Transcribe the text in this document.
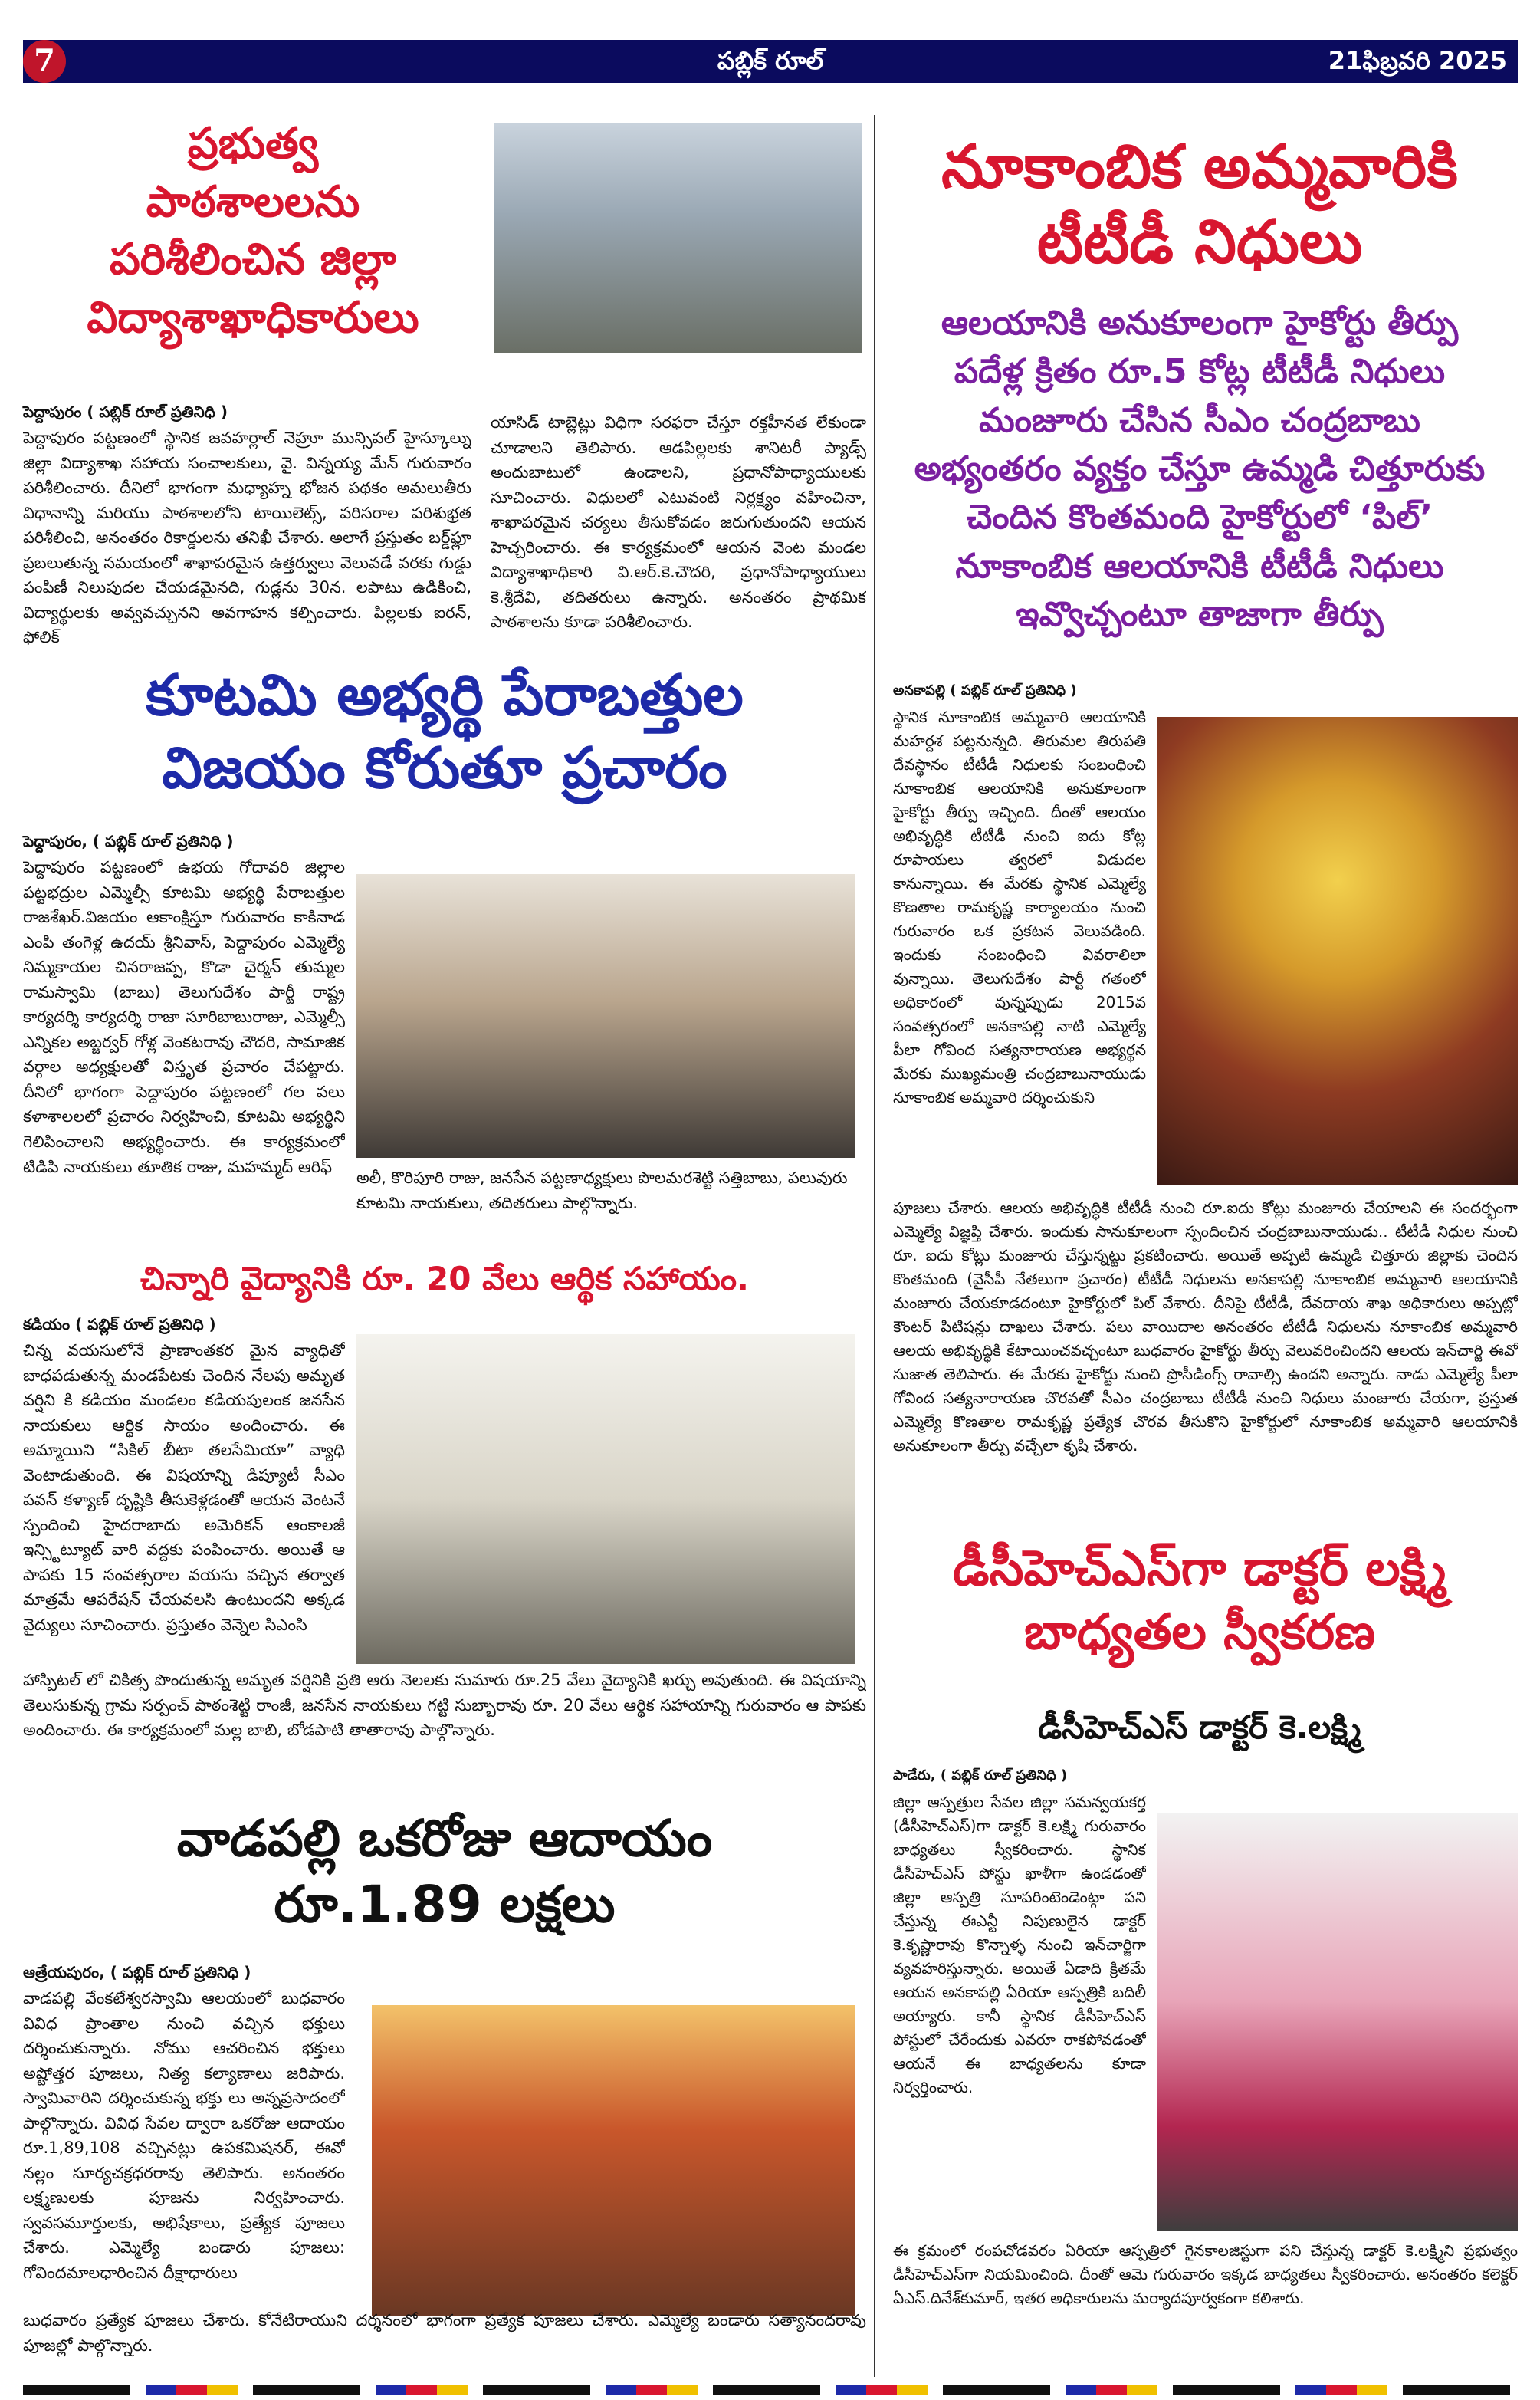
7	పబ్లిక్ రూల్	21ఫిబ్రవరి 2025
ప్రభుత్వ
పాఠశాలలను
పరిశీలించిన జిల్లా
విద్యాశాఖాధికారులు
పెద్దాపురం ( పబ్లిక్ రూల్ ప్రతినిధి )
పెద్దాపురం పట్టణంలో స్థానిక జవహర్లాల్ నెహ్రూ మున్సిపల్ హైస్కూల్ను జిల్లా విద్యాశాఖ సహాయ సంచాలకులు, వై. విన్నయ్య మేన్ గురువారం పరిశీలించారు. దీనిలో భాగంగా మధ్యాహ్న భోజన పథకం అమలుతీరు విధానాన్ని మరియు పాఠశాలలోని టాయిలెట్స్, పరిసరాల పరిశుభ్రత పరిశీలించి, అనంతరం రికార్డులను తనిఖీ చేశారు. అలాగే ప్రస్తుతం బర్డ్‌ఫ్లూ ప్రబలుతున్న సమయంలో శాఖాపరమైన ఉత్తర్వులు వెలువడే వరకు గుడ్డు పంపిణీ నిలుపుదల చేయడమైనది, గుడ్లను 30న. లపాటు ఉడికించి, విద్యార్థులకు అవ్వవచ్చునని అవగాహన కల్పించారు. పిల్లలకు ఐరన్, ఫోలిక్
యాసిడ్ టాబ్లెట్లు విధిగా సరఫరా చేస్తూ రక్తహీనత లేకుండా చూడాలని తెలిపారు. ఆడపిల్లలకు శానిటరీ ప్యాడ్స్ అందుబాటులో ఉండాలని, ప్రధానోపాధ్యాయులకు సూచించారు. విధులలో ఎటువంటి నిర్లక్ష్యం వహించినా, శాఖాపరమైన చర్యలు తీసుకోవడం జరుగుతుందని ఆయన హెచ్చరించారు. ఈ కార్యక్రమంలో ఆయన వెంట మండల విద్యాశాఖాధికారి వి.ఆర్.కె.చౌదరి, ప్రధానోపాధ్యాయులు కె.శ్రీదేవి, తదితరులు ఉన్నారు. అనంతరం ప్రాథమిక పాఠశాలను కూడా పరిశీలించారు.
నూకాంబిక అమ్మవారికి
టీటీడీ నిధులు
ఆలయానికి అనుకూలంగా హైకోర్టు తీర్పు
పదేళ్ల క్రితం రూ.5 కోట్ల టీటీడీ నిధులు
మంజూరు చేసిన సీఎం చంద్రబాబు
అభ్యంతరం వ్యక్తం చేస్తూ ఉమ్మడి చిత్తూరుకు
చెందిన కొంతమంది హైకోర్టులో ‘పిల్’
నూకాంబిక ఆలయానికి టీటీడీ నిధులు
ఇవ్వొచ్చంటూ తాజాగా తీర్పు
అనకాపల్లి ( పబ్లిక్ రూల్ ప్రతినిధి )
స్థానిక నూకాంబిక అమ్మవారి ఆలయానికి మహర్దశ పట్టనున్నది. తిరుమల తిరుపతి దేవస్థానం టీటీడీ నిధులకు సంబంధించి నూకాంబిక ఆలయానికి అనుకూలంగా హైకోర్టు తీర్పు ఇచ్చింది. దీంతో ఆలయం అభివృద్ధికి టీటీడీ నుంచి ఐదు కోట్ల రూపాయలు త్వరలో విడుదల కానున్నాయి. ఈ మేరకు స్థానిక ఎమ్మెల్యే కొణతాల రామకృష్ణ కార్యాలయం నుంచి గురువారం ఒక ప్రకటన వెలువడింది. ఇందుకు సంబంధించి వివరాలిలా వున్నాయి. తెలుగుదేశం పార్టీ గతంలో అధికారంలో వున్నప్పుడు 2015వ సంవత్సరంలో అనకాపల్లి నాటి ఎమ్మెల్యే పీలా గోవింద సత్యనారాయణ అభ్యర్థన మేరకు ముఖ్యమంత్రి చంద్రబాబునాయుడు నూకాంబిక అమ్మవారి దర్శించుకుని
పూజలు చేశారు. ఆలయ అభివృద్ధికి టీటీడీ నుంచి రూ.ఐదు కోట్లు మంజూరు చేయాలని ఈ సందర్భంగా ఎమ్మెల్యే విజ్ఞప్తి చేశారు. ఇందుకు సానుకూలంగా స్పందించిన చంద్రబాబునాయుడు.. టీటీడీ నిధుల నుంచి రూ. ఐదు కోట్లు మంజూరు చేస్తున్నట్టు ప్రకటించారు. అయితే అప్పటి ఉమ్మడి చిత్తూరు జిల్లాకు చెందిన కొంతమంది (వైసీపీ నేతలుగా ప్రచారం) టీటీడీ నిధులను అనకాపల్లి నూకాంబిక అమ్మవారి ఆలయానికి మంజూరు చేయకూడదంటూ హైకోర్టులో పిల్ వేశారు. దీనిపై టీటీడీ, దేవదాయ శాఖ అధికారులు అప్పట్లో కౌంటర్ పిటిషన్లు దాఖలు చేశారు. పలు వాయిదాల అనంతరం టీటీడీ నిధులను నూకాంబిక అమ్మవారి ఆలయ అభివృద్ధికి కేటాయించవచ్చంటూ బుధవారం హైకోర్టు తీర్పు వెలువరించిందని ఆలయ ఇన్‌చార్జి ఈవో సుజాత తెలిపారు. ఈ మేరకు హైకోర్టు నుంచి ప్రొసీడింగ్స్ రావాల్సి ఉందని అన్నారు. నాడు ఎమ్మెల్యే పీలా గోవింద సత్యనారాయణ చొరవతో సీఎం చంద్రబాబు టీటీడీ నుంచి నిధులు మంజూరు చేయగా, ప్రస్తుత ఎమ్మెల్యే కొణతాల రామకృష్ణ ప్రత్యేక చొరవ తీసుకొని హైకోర్టులో నూకాంబిక అమ్మవారి ఆలయానికి అనుకూలంగా తీర్పు వచ్చేలా కృషి చేశారు.
కూటమి అభ్యర్థి పేరాబత్తుల
విజయం కోరుతూ ప్రచారం
పెద్దాపురం, ( పబ్లిక్ రూల్ ప్రతినిధి )
పెద్దాపురం పట్టణంలో ఉభయ గోదావరి జిల్లాల పట్టభద్రుల ఎమ్మెల్సీ కూటమి అభ్యర్థి పేరాబత్తుల రాజశేఖర్.విజయం ఆకాంక్షిస్తూ గురువారం కాకినాడ ఎంపి తంగెళ్ల ఉదయ్ శ్రీనివాస్, పెద్దాపురం ఎమ్మెల్యే నిమ్మకాయల చినరాజప్ప, కొడా చైర్మన్ తుమ్మల రామస్వామి (బాబు) తెలుగుదేశం పార్టీ రాష్ట్ర కార్యదర్శి కార్యదర్శి రాజా సూరిబాబురాజు, ఎమ్మెల్సీ ఎన్నికల అబ్జర్వర్ గోళ్ల వెంకటరావు చౌదరి, సామాజిక వర్గాల అధ్యక్షులతో విస్తృత ప్రచారం చేపట్టారు. దీనిలో భాగంగా పెద్దాపురం పట్టణంలో గల పలు కళాశాలలలో ప్రచారం నిర్వహించి, కూటమి అభ్యర్థిని గెలిపించాలని అభ్యర్థించారు. ఈ కార్యక్రమంలో టిడిపి నాయకులు తూతిక రాజు, మహమ్మద్ ఆరిఫ్
అలీ, కొరిపూరి రాజు, జనసేన పట్టణాధ్యక్షులు పొలమరశెట్టి సత్తిబాబు, పలువురు కూటమి నాయకులు, తదితరులు పాల్గొన్నారు.
చిన్నారి వైద్యానికి రూ. 20 వేలు ఆర్థిక సహాయం.
కడియం ( పబ్లిక్ రూల్ ప్రతినిధి )
చిన్న వయసులోనే ప్రాణాంతకర మైన వ్యాధితో బాధపడుతున్న మండపేటకు చెందిన నేలపు అమృత వర్షిని కి కడియం మండలం కడియపులంక జనసేన నాయకులు ఆర్థిక సాయం అందించారు. ఈ అమ్మాయిని “సికిల్ బీటా తలసేమియా” వ్యాధి వెంటాడుతుంది. ఈ విషయాన్ని డిప్యూటీ సీఎం పవన్ కళ్యాణ్ దృష్టికి తీసుకెళ్లడంతో ఆయన వెంటనే స్పందించి హైదరాబాదు అమెరికన్ ఆంకాలజీ ఇన్స్టిట్యూట్ వారి వద్దకు పంపించారు. అయితే ఆ పాపకు 15 సంవత్సరాల వయసు వచ్చిన తర్వాత మాత్రమే ఆపరేషన్ చేయవలసి ఉంటుందని అక్కడ వైద్యులు సూచించారు. ప్రస్తుతం వెన్నెల సిఎంసి
హాస్పిటల్ లో చికిత్స పొందుతున్న అమృత వర్షినికి ప్రతి ఆరు నెలలకు సుమారు రూ.25 వేలు వైద్యానికి ఖర్చు అవుతుంది. ఈ విషయాన్ని తెలుసుకున్న గ్రామ సర్పంచ్ పాఠంశెట్టి రాంజీ, జనసేన నాయకులు గట్టి సుబ్బారావు రూ. 20 వేలు ఆర్థిక సహాయాన్ని గురువారం ఆ పాపకు అందించారు. ఈ కార్యక్రమంలో మల్ల బాబి, బోడపాటి తాతారావు పాల్గొన్నారు.
వాడపల్లి ఒకరోజు ఆదాయం
రూ.1.89 లక్షలు
ఆత్రేయపురం, ( పబ్లిక్ రూల్ ప్రతినిధి )
వాడపల్లి వేంకటేశ్వరస్వామి ఆలయంలో బుధవారం వివిధ ప్రాంతాల నుంచి వచ్చిన భక్తులు దర్శించుకున్నారు. నోము ఆచరించిన భక్తులు అష్టోత్తర పూజలు, నిత్య కల్యాణాలు జరిపారు. స్వామివారిని దర్శించుకున్న భక్తు లు అన్నప్రసాదంలో పాల్గొన్నారు. వివిధ సేవల ద్వారా ఒకరోజు ఆదాయం రూ.1,89,108 వచ్చినట్లు ఉపకమిషనర్, ఈవో నల్లం సూర్యచక్రధరరావు తెలిపారు. అనంతరం లక్ష్మణులకు పూజను నిర్వహించారు. స్వవసమూర్తులకు, అభిషేకాలు, ప్రత్యేక పూజలు చేశారు. ఎమ్మెల్యే బండారు పూజలు: గోవిందమాలధారించిన దీక్షాధారులు
బుధవారం ప్రత్యేక పూజలు చేశారు. కోనేటిరాయుని దర్శనంలో భాగంగా ప్రత్యేక పూజలు చేశారు. ఎమ్మెల్యే బండారు సత్యానందరావు పూజల్లో పాల్గొన్నారు.
డీసీహెచ్ఎస్‌గా డాక్టర్ లక్ష్మి
బాధ్యతల స్వీకరణ
డీసీహెచ్ఎస్ డాక్టర్ కె.లక్ష్మి
పాడేరు, ( పబ్లిక్ రూల్ ప్రతినిధి )
జిల్లా ఆస్పత్రుల సేవల జిల్లా సమన్వయకర్త (డీసీహెచ్ఎస్)గా డాక్టర్ కె.లక్ష్మి గురువారం బాధ్యతలు స్వీకరించారు. స్థానిక డీసీహెచ్ఎస్ పోస్టు ఖాళీగా ఉండడంతో జిల్లా ఆస్పత్రి సూపరింటెండెంట్గా పని చేస్తున్న ఈఎన్టీ నిపుణులైన డాక్టర్ కె.కృష్ణారావు కొన్నాళ్ళ నుంచి ఇన్‌చార్జిగా వ్యవహరిస్తున్నారు. అయితే ఏడాది క్రితమే ఆయన అనకాపల్లి ఏరియా ఆస్పత్రికి బదిలీ అయ్యారు. కానీ స్థానిక డీసీహెచ్ఎస్ పోస్టులో చేరేందుకు ఎవరూ రాకపోవడంతో ఆయనే ఈ బాధ్యతలను కూడా నిర్వర్తించారు.
ఈ క్రమంలో రంపచోడవరం ఏరియా ఆస్పత్రిలో గైనకాలజిస్టుగా పని చేస్తున్న డాక్టర్ కె.లక్ష్మిని ప్రభుత్వం డీసీహెచ్ఎస్‌గా నియమించింది. దీంతో ఆమె గురువారం ఇక్కడ బాధ్యతలు స్వీకరించారు. అనంతరం కలెక్టర్ ఏఎస్.దినేశ్‌కుమార్, ఇతర అధికారులను మర్యాదపూర్వకంగా కలిశారు.
